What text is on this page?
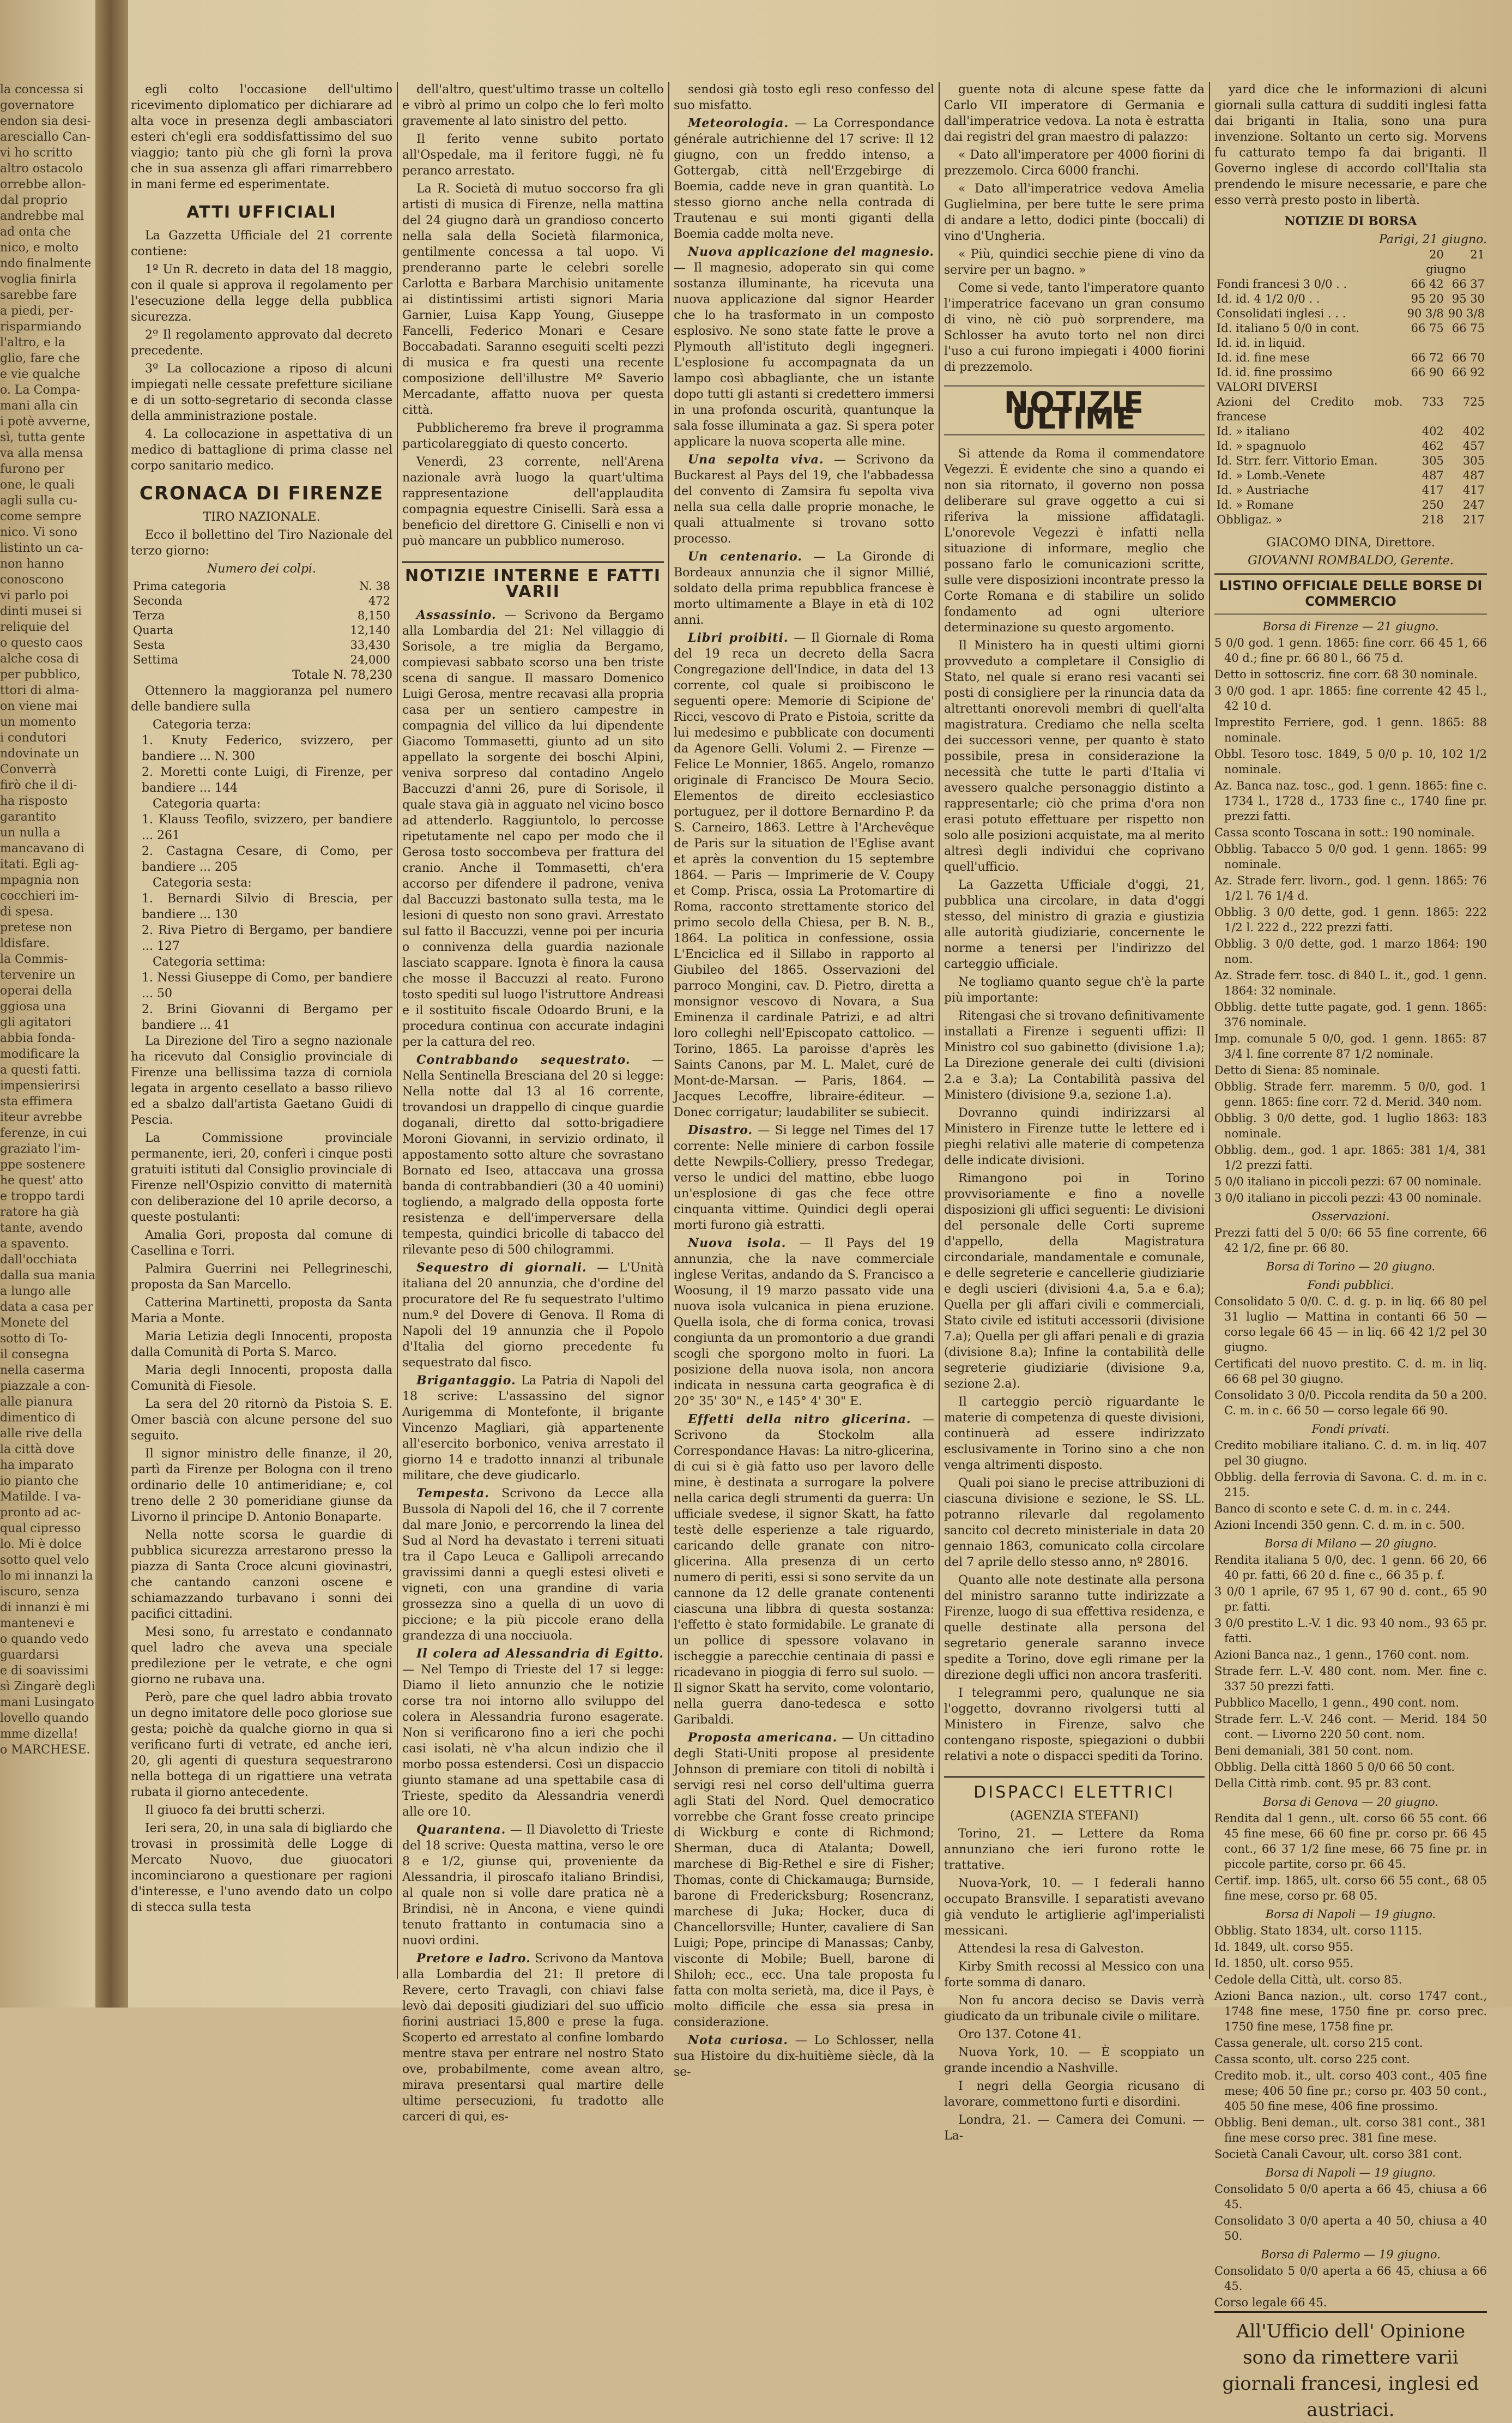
la concessa si
governatore
endon sia desi-
aresciallo Can-
vi ho scritto
altro ostacolo
orrebbe allon-
dal proprio
andrebbe mal
ad onta che
nico, e molto
ndo finalmente
voglia finirla
sarebbe fare
a piedi, per-
risparmiando
l'altro, e la
glio, fare che
e vie qualche
o. La Compa-
mani alla cin
i potè avverne,
sì, tutta gente
va alla mensa
furono per
one, le quali
agli sulla cu-
come sempre
nico. Vi sono
listinto un ca-
non hanno
conoscono
vi parlo poi
dinti musei si
reliquie del
o questo caos
alche cosa di
per pubblico,
ttori di alma-
on viene mai
un momento
i condutori
ndovinate un
Converrà
firò che il di-
ha risposto
garantito
un nulla a
mancavano di
itati. Egli ag-
mpagnia non
cocchieri im-
di spesa.
pretese non
ldisfare.
la Commis-
tervenire un
operai della
ggiosa una
gli agitatori
abbia fonda-
modificare la
a questi fatti.
impensierirsi
sta effimera
iteur avrebbe
ferenze, in cui
graziato l'im-
ppe sostenere
he quest' atto
e troppo tardi
ratore ha già
tante, avendo
a spavento.
dall'occhiata
dalla sua mania
a lungo alle
data a casa per
Monete del
sotto di To-
il consegna
nella caserma
piazzale a con-
alle pianura
dimentico di
alle rive della
la città dove
ha imparato
io pianto che
Matilde. I va-
pronto ad ac-
qual cipresso
lo. Mi è dolce
sotto quel velo
lo mi innanzi la
iscuro, senza
di innanzi è mi
mantenevi e
o quando vedo
guardarsi
e di soavissimi
sì Zingarè degli
mani Lusingato
lovello quando
mme dizella!
o MARCHESE.

egli colto l'occasione dell'ultimo ricevimento diplomatico per dichiarare ad alta voce in presenza degli ambasciatori esteri ch'egli era soddisfattissimo del suo viaggio; tanto più che gli fornì la prova che in sua assenza gli affari rimarrebbero in mani ferme ed esperimentate.

ATTI UFFICIALI

La Gazzetta Ufficiale del 21 corrente contiene:

1º Un R. decreto in data del 18 maggio, con il quale si approva il regolamento per l'esecuzione della legge della pubblica sicurezza.

2º Il regolamento approvato dal decreto precedente.

3º La collocazione a riposo di alcuni impiegati nelle cessate prefetture siciliane e di un sotto-segretario di seconda classe della amministrazione postale.

4. La collocazione in aspettativa di un medico di battaglione di prima classe nel corpo sanitario medico.

CRONACA DI FIRENZE
TIRO NAZIONALE.

Ecco il bollettino del Tiro Nazionale del terzo giorno:

Numero dei colpi.
Prima categoria	N. 38
Seconda	472
Terza	8,150
Quarta	12,140
Sesta	33,430
Settima	24,000
Totale N. 78,230

Ottennero la maggioranza pel numero delle bandiere sulla

Categoria terza:
1. Knuty Federico, svizzero, per bandiere ... N. 300
2. Moretti conte Luigi, di Firenze, per bandiere ... 144
Categoria quarta:
1. Klauss Teofilo, svizzero, per bandiere ... 261
2. Castagna Cesare, di Como, per bandiere ... 205
Categoria sesta:
1. Bernardi Silvio di Brescia, per bandiere ... 130
2. Riva Pietro di Bergamo, per bandiere ... 127
Categoria settima:
1. Nessi Giuseppe di Como, per bandiere ... 50
2. Brini Giovanni di Bergamo per bandiere ... 41

La Direzione del Tiro a segno nazionale ha ricevuto dal Consiglio provinciale di Firenze una bellissima tazza di corniola legata in argento cesellato a basso rilievo ed a sbalzo dall'artista Gaetano Guidi di Pescia.

La Commissione provinciale permanente, ieri, 20, conferì i cinque posti gratuiti istituti dal Consiglio provinciale di Firenze nell'Ospizio convitto di maternità con deliberazione del 10 aprile decorso, a queste postulanti:

Amalia Gori, proposta dal comune di Casellina e Torri.

Palmira Guerrini nei Pellegrineschi, proposta da San Marcello.

Catterina Martinetti, proposta da Santa Maria a Monte.

Maria Letizia degli Innocenti, proposta dalla Comunità di Porta S. Marco.

Maria degli Innocenti, proposta dalla Comunità di Fiesole.

La sera del 20 ritornò da Pistoia S. E. Omer bascià con alcune persone del suo seguito.

Il signor ministro delle finanze, il 20, partì da Firenze per Bologna con il treno ordinario delle 10 antimeridiane; e, col treno delle 2 30 pomeridiane giunse da Livorno il principe D. Antonio Bonaparte.

Nella notte scorsa le guardie di pubblica sicurezza arrestarono presso la piazza di Santa Croce alcuni giovinastri, che cantando canzoni oscene e schiamazzando turbavano i sonni dei pacifici cittadini.

Mesi sono, fu arrestato e condannato quel ladro che aveva una speciale predilezione per le vetrate, e che ogni giorno ne rubava una.

Però, pare che quel ladro abbia trovato un degno imitatore delle poco gloriose sue gesta; poichè da qualche giorno in qua si verificano furti di vetrate, ed anche ieri, 20, gli agenti di questura sequestrarono nella bottega di un rigattiere una vetrata rubata il giorno antecedente.

Il giuoco fa dei brutti scherzi.

Ieri sera, 20, in una sala di bigliardo che trovasi in prossimità delle Logge di Mercato Nuovo, due giuocatori incominciarono a questionare per ragioni d'interesse, e l'uno avendo dato un colpo di stecca sulla testa

dell'altro, quest'ultimo trasse un coltello e vibrò al primo un colpo che lo ferì molto gravemente al lato sinistro del petto.

Il ferito venne subito portato all'Ospedale, ma il feritore fuggì, nè fu peranco arrestato.

La R. Società di mutuo soccorso fra gli artisti di musica di Firenze, nella mattina del 24 giugno darà un grandioso concerto nella sala della Società filarmonica, gentilmente concessa a tal uopo. Vi prenderanno parte le celebri sorelle Carlotta e Barbara Marchisio unitamente ai distintissimi artisti signori Maria Garnier, Luisa Kapp Young, Giuseppe Fancelli, Federico Monari e Cesare Boccabadati. Saranno eseguiti scelti pezzi di musica e fra questi una recente composizione dell'illustre Mº Saverio Mercadante, affatto nuova per questa città.

Pubblicheremo fra breve il programma particolareggiato di questo concerto.

Venerdì, 23 corrente, nell'Arena nazionale avrà luogo la quart'ultima rappresentazione dell'applaudita compagnia equestre Ciniselli. Sarà essa a beneficio del direttore G. Ciniselli e non vi può mancare un pubblico numeroso.

NOTIZIE INTERNE E FATTI VARII

Assassinio. — Scrivono da Bergamo alla Lombardia del 21: Nel villaggio di Sorisole, a tre miglia da Bergamo, compievasi sabbato scorso una ben triste scena di sangue. Il massaro Domenico Luigi Gerosa, mentre recavasi alla propria casa per un sentiero campestre in compagnia del villico da lui dipendente Giacomo Tommasetti, giunto ad un sito appellato la sorgente dei boschi Alpini, veniva sorpreso dal contadino Angelo Baccuzzi d'anni 26, pure di Sorisole, il quale stava già in agguato nel vicino bosco ad attenderlo. Raggiuntolo, lo percosse ripetutamente nel capo per modo che il Gerosa tosto soccombeva per frattura del cranio. Anche il Tommasetti, ch'era accorso per difendere il padrone, veniva dal Baccuzzi bastonato sulla testa, ma le lesioni di questo non sono gravi. Arrestato sul fatto il Baccuzzi, venne poi per incuria o connivenza della guardia nazionale lasciato scappare. Ignota è finora la causa che mosse il Baccuzzi al reato. Furono tosto spediti sul luogo l'istruttore Andreasi e il sostituito fiscale Odoardo Bruni, e la procedura continua con accurate indagini per la cattura del reo.

Contrabbando sequestrato. — Nella Sentinella Bresciana del 20 si legge: Nella notte dal 13 al 16 corrente, trovandosi un drappello di cinque guardie doganali, diretto dal sotto-brigadiere Moroni Giovanni, in servizio ordinato, il appostamento sotto alture che sovrastano Bornato ed Iseo, attaccava una grossa banda di contrabbandieri (30 a 40 uomini) togliendo, a malgrado della opposta forte resistenza e dell'imperversare della tempesta, quindici bricolle di tabacco del rilevante peso di 500 chilogrammi.

Sequestro di giornali. — L'Unità italiana del 20 annunzia, che d'ordine del procuratore del Re fu sequestrato l'ultimo num.º del Dovere di Genova. Il Roma di Napoli del 19 annunzia che il Popolo d'Italia del giorno precedente fu sequestrato dal fisco.

Brigantaggio. La Patria di Napoli del 18 scrive: L'assassino del signor Aurigemma di Montefonte, il brigante Vincenzo Magliari, già appartenente all'esercito borbonico, veniva arrestato il giorno 14 e tradotto innanzi al tribunale militare, che deve giudicarlo.

Tempesta. Scrivono da Lecce alla Bussola di Napoli del 16, che il 7 corrente dal mare Jonio, e percorrendo la linea del Sud al Nord ha devastato i terreni situati tra il Capo Leuca e Gallipoli arrecando gravissimi danni a quegli estesi oliveti e vigneti, con una grandine di varia grossezza sino a quella di un uovo di piccione; e la più piccole erano della grandezza di una nocciuola.

Il colera ad Alessandria di Egitto. — Nel Tempo di Trieste del 17 si legge: Diamo il lieto annunzio che le notizie corse tra noi intorno allo sviluppo del colera in Alessandria furono esagerate. Non si verificarono fino a ieri che pochi casi isolati, nè v'ha alcun indizio che il morbo possa estendersi. Così un dispaccio giunto stamane ad una spettabile casa di Trieste, spedito da Alessandria venerdì alle ore 10.

Quarantena. — Il Diavoletto di Trieste del 18 scrive: Questa mattina, verso le ore 8 e 1/2, giunse qui, proveniente da Alessandria, il piroscafo italiano Brindisi, al quale non si volle dare pratica nè a Brindisi, nè in Ancona, e viene quindi tenuto frattanto in contumacia sino a nuovi ordini.

Pretore e ladro. Scrivono da Mantova alla Lombardia del 21: Il pretore di Revere, certo Travagli, con chiavi false levò dai depositi giudiziari del suo ufficio fiorini austriaci 15,800 e prese la fuga. Scoperto ed arrestato al confine lombardo mentre stava per entrare nel nostro Stato ove, probabilmente, come avean altro, mirava presentarsi qual martire delle ultime persecuzioni, fu tradotto alle carceri di qui, es-

sendosi già tosto egli reso confesso del suo misfatto.

Meteorologia. — La Correspondance générale autrichienne del 17 scrive: Il 12 giugno, con un freddo intenso, a Gottergab, città nell'Erzgebirge di Boemia, cadde neve in gran quantità. Lo stesso giorno anche nella contrada di Trautenau e sui monti giganti della Boemia cadde molta neve.

Nuova applicazione del magnesio. — Il magnesio, adoperato sin qui come sostanza illuminante, ha ricevuta una nuova applicazione dal signor Hearder che lo ha trasformato in un composto esplosivo. Ne sono state fatte le prove a Plymouth all'istituto degli ingegneri. L'esplosione fu accompagnata da un lampo così abbagliante, che un istante dopo tutti gli astanti si credettero immersi in una profonda oscurità, quantunque la sala fosse illuminata a gaz. Si spera poter applicare la nuova scoperta alle mine.

Una sepolta viva. — Scrivono da Buckarest al Pays del 19, che l'abbadessa del convento di Zamsira fu sepolta viva nella sua cella dalle proprie monache, le quali attualmente si trovano sotto processo.

Un centenario. — La Gironde di Bordeaux annunzia che il signor Millié, soldato della prima repubblica francese è morto ultimamente a Blaye in età di 102 anni.

Libri proibiti. — Il Giornale di Roma del 19 reca un decreto della Sacra Congregazione dell'Indice, in data del 13 corrente, col quale si proibiscono le seguenti opere: Memorie di Scipione de' Ricci, vescovo di Prato e Pistoia, scritte da lui medesimo e pubblicate con documenti da Agenore Gelli. Volumi 2. — Firenze — Felice Le Monnier, 1865. Angelo, romanzo originale di Francisco De Moura Secio. Elementos de direito ecclesiastico portuguez, per il dottore Bernardino P. da S. Carneiro, 1863. Lettre à l'Archevêque de Paris sur la situation de l'Eglise avant et après la convention du 15 septembre 1864. — Paris — Imprimerie de V. Coupy et Comp. Prisca, ossia La Protomartire di Roma, racconto strettamente storico del primo secolo della Chiesa, per B. N. B., 1864. La politica in confessione, ossia L'Enciclica ed il Sillabo in rapporto al Giubileo del 1865. Osservazioni del parroco Mongini, cav. D. Pietro, diretta a monsignor vescovo di Novara, a Sua Eminenza il cardinale Patrizi, e ad altri loro colleghi nell'Episcopato cattolico. — Torino, 1865. La paroisse d'après les Saints Canons, par M. L. Malet, curé de Mont-de-Marsan. — Paris, 1864. — Jacques Lecoffre, libraire-éditeur. — Donec corrigatur; laudabiliter se subiecit.

Disastro. — Si legge nel Times del 17 corrente: Nelle miniere di carbon fossile dette Newpils-Colliery, presso Tredegar, verso le undici del mattino, ebbe luogo un'esplosione di gas che fece ottre cinquanta vittime. Quindici degli operai morti furono già estratti.

Nuova isola. — Il Pays del 19 annunzia, che la nave commerciale inglese Veritas, andando da S. Francisco a Woosung, il 19 marzo passato vide una nuova isola vulcanica in piena eruzione. Quella isola, che di forma conica, trovasi congiunta da un promontorio a due grandi scogli che sporgono molto in fuori. La posizione della nuova isola, non ancora indicata in nessuna carta geografica è di 20° 35' 30" N., e 145° 4' 30" E.

Effetti della nitro glicerina. — Scrivono da Stockolm alla Correspondance Havas: La nitro-glicerina, di cui si è già fatto uso per lavoro delle mine, è destinata a surrogare la polvere nella carica degli strumenti da guerra: Un ufficiale svedese, il signor Skatt, ha fatto testè delle esperienze a tale riguardo, caricando delle granate con nitro-glicerina. Alla presenza di un certo numero di periti, essi si sono servite da un cannone da 12 delle granate contenenti ciascuna una libbra di questa sostanza: l'effetto è stato formidabile. Le granate di un pollice di spessore volavano in ischeggie a parecchie centinaia di passi e ricadevano in pioggia di ferro sul suolo. — Il signor Skatt ha servito, come volontario, nella guerra dano-tedesca e sotto Garibaldi.

Proposta americana. — Un cittadino degli Stati-Uniti propose al presidente Johnson di premiare con titoli di nobiltà i servigi resi nel corso dell'ultima guerra agli Stati del Nord. Quel democratico vorrebbe che Grant fosse creato principe di Wickburg e conte di Richmond; Sherman, duca di Atalanta; Dowell, marchese di Big-Rethel e sire di Fisher; Thomas, conte di Chickamauga; Burnside, barone di Fredericksburg; Rosencranz, marchese di Juka; Hocker, duca di Chancellorsville; Hunter, cavaliere di San Luigi; Pope, principe di Manassas; Canby, visconte di Mobile; Buell, barone di Shiloh; ecc., ecc. Una tale proposta fu fatta con molta serietà, ma, dice il Pays, è molto difficile che essa sia presa in considerazione.

Nota curiosa. — Lo Schlosser, nella sua Histoire du dix-huitième siècle, dà la se-

guente nota di alcune spese fatte da Carlo VII imperatore di Germania e dall'imperatrice vedova. La nota è estratta dai registri del gran maestro di palazzo:

« Dato all'imperatore per 4000 fiorini di prezzemolo. Circa 6000 franchi.

« Dato all'imperatrice vedova Amelia Guglielmina, per bere tutte le sere prima di andare a letto, dodici pinte (boccali) di vino d'Ungheria.

« Più, quindici secchie piene di vino da servire per un bagno. »

Come si vede, tanto l'imperatore quanto l'imperatrice facevano un gran consumo di vino, nè ciò può sorprendere, ma Schlosser ha avuto torto nel non dirci l'uso a cui furono impiegati i 4000 fiorini di prezzemolo.

NOTIZIE ULTIME

Si attende da Roma il commendatore Vegezzi. È evidente che sino a quando ei non sia ritornato, il governo non possa deliberare sul grave oggetto a cui si riferiva la missione affidatagli. L'onorevole Vegezzi è infatti nella situazione di informare, meglio che possano farlo le comunicazioni scritte, sulle vere disposizioni incontrate presso la Corte Romana e di stabilire un solido fondamento ad ogni ulteriore determinazione su questo argomento.

Il Ministero ha in questi ultimi giorni provveduto a completare il Consiglio di Stato, nel quale si erano resi vacanti sei posti di consigliere per la rinuncia data da altrettanti onorevoli membri di quell'alta magistratura. Crediamo che nella scelta dei successori venne, per quanto è stato possibile, presa in considerazione la necessità che tutte le parti d'Italia vi avessero qualche personaggio distinto a rappresentarle; ciò che prima d'ora non erasi potuto effettuare per rispetto non solo alle posizioni acquistate, ma al merito altresì degli individui che coprivano quell'ufficio.

La Gazzetta Ufficiale d'oggi, 21, pubblica una circolare, in data d'oggi stesso, del ministro di grazia e giustizia alle autorità giudiziarie, concernente le norme a tenersi per l'indirizzo del carteggio ufficiale.

Ne togliamo quanto segue ch'è la parte più importante:

Ritengasi che si trovano definitivamente installati a Firenze i seguenti uffizi: Il Ministro col suo gabinetto (divisione 1.a); La Direzione generale dei culti (divisioni 2.a e 3.a); La Contabilità passiva del Ministero (divisione 9.a, sezione 1.a).

Dovranno quindi indirizzarsi al Ministero in Firenze tutte le lettere ed i pieghi relativi alle materie di competenza delle indicate divisioni.

Rimangono poi in Torino provvisoriamente e fino a novelle disposizioni gli uffici seguenti: Le divisioni del personale delle Corti supreme d'appello, della Magistratura circondariale, mandamentale e comunale, e delle segreterie e cancellerie giudiziarie e degli uscieri (divisioni 4.a, 5.a e 6.a); Quella per gli affari civili e commerciali, Stato civile ed istituti accessorii (divisione 7.a); Quella per gli affari penali e di grazia (divisione 8.a); Infine la contabilità delle segreterie giudiziarie (divisione 9.a, sezione 2.a).

Il carteggio perciò riguardante le materie di competenza di queste divisioni, continuerà ad essere indirizzato esclusivamente in Torino sino a che non venga altrimenti disposto.

Quali poi siano le precise attribuzioni di ciascuna divisione e sezione, le SS. LL. potranno rilevarle dal regolamento sancito col decreto ministeriale in data 20 gennaio 1863, comunicato colla circolare del 7 aprile dello stesso anno, nº 28016.

Quanto alle note destinate alla persona del ministro saranno tutte indirizzate a Firenze, luogo di sua effettiva residenza, e quelle destinate alla persona del segretario generale saranno invece spedite a Torino, dove egli rimane per la direzione degli uffici non ancora trasferiti.

I telegrammi pero, qualunque ne sia l'oggetto, dovranno rivolgersi tutti al Ministero in Firenze, salvo che contengano risposte, spiegazioni o dubbii relativi a note o dispacci spediti da Torino.

DISPACCI ELETTRICI
(AGENZIA STEFANI)

Torino, 21. — Lettere da Roma annunziano che ieri furono rotte le trattative.

Nuova-York, 10. — I federali hanno occupato Bransville. I separatisti avevano già venduto le artiglierie agl'imperialisti messicani.

Attendesi la resa di Galveston.

Kirby Smith recossi al Messico con una forte somma di danaro.

Non fu ancora deciso se Davis verrà giudicato da un tribunale civile o militare.

Oro 137. Cotone 41.

Nuova York, 10. — È scoppiato un grande incendio a Nashville.

I negri della Georgia ricusano di lavorare, commettono furti e disordini.

Londra, 21. — Camera dei Comuni. — La-

yard dice che le informazioni di alcuni giornali sulla cattura di sudditi inglesi fatta dai briganti in Italia, sono una pura invenzione. Soltanto un certo sig. Morvens fu catturato tempo fa dai briganti. Il Governo inglese di accordo coll'Italia sta prendendo le misure necessarie, e pare che esso verrà presto posto in libertà.

NOTIZIE DI BORSA
Parigi, 21 giugno.
	20	21
	giugno	
Fondi francesi 3 0/0 . .	66 42	66 37
Id. id. 4 1/2 0/0 . .	95 20	95 30
Consolidati inglesi . . .	90 3/8	90 3/8
Id. italiano 5 0/0 in cont.	66 75	66 75
Id. id. in liquid.		
Id. id. fine mese	66 72	66 70
Id. id. fine prossimo	66 90	66 92
VALORI DIVERSI		
Azioni del Credito mob. francese	733	725
Id. » italiano	402	402
Id. » spagnuolo	462	457
Id. Strr. ferr. Vittorio Eman.	305	305
Id. » Lomb.-Venete	487	487
Id. » Austriache	417	417
Id. » Romane	250	247
Obbligaz. »	218	217
GIACOMO DINA, Direttore.
GIOVANNI ROMBALDO, Gerente.
LISTINO OFFICIALE DELLE BORSE DI COMMERCIO
Borsa di Firenze — 21 giugno.
5 0/0 god. 1 genn. 1865: fine corr. 66 45 1, 66 40 d.; fine pr. 66 80 l., 66 75 d.
Detto in sottoscriz. fine corr. 68 30 nominale.
3 0/0 god. 1 apr. 1865: fine corrente 42 45 l., 42 10 d.
Imprestito Ferriere, god. 1 genn. 1865: 88 nominale.
Obbl. Tesoro tosc. 1849, 5 0/0 p. 10, 102 1/2 nominale.
Az. Banca naz. tosc., god. 1 genn. 1865: fine c. 1734 l., 1728 d., 1733 fine c., 1740 fine pr. prezzi fatti.
Cassa sconto Toscana in sott.: 190 nominale.
Obblig. Tabacco 5 0/0 god. 1 genn. 1865: 99 nominale.
Az. Strade ferr. livorn., god. 1 genn. 1865: 76 1/2 l. 76 1/4 d.
Obblig. 3 0/0 dette, god. 1 genn. 1865: 222 1/2 l. 222 d., 222 prezzi fatti.
Obblig. 3 0/0 dette, god. 1 marzo 1864: 190 nom.
Az. Strade ferr. tosc. di 840 L. it., god. 1 genn. 1864: 32 nominale.
Obblig. dette tutte pagate, god. 1 genn. 1865: 376 nominale.
Imp. comunale 5 0/0, god. 1 genn. 1865: 87 3/4 l. fine corrente 87 1/2 nominale.
Detto di Siena: 85 nominale.
Obblig. Strade ferr. maremm. 5 0/0, god. 1 genn. 1865: fine corr. 72 d. Merid. 340 nom.
Obblig. 3 0/0 dette, god. 1 luglio 1863: 183 nominale.
Obblig. dem., god. 1 apr. 1865: 381 1/4, 381 1/2 prezzi fatti.
5 0/0 italiano in piccoli pezzi: 67 00 nominale.
3 0/0 italiano in piccoli pezzi: 43 00 nominale.
Osservazioni.
Prezzi fatti del 5 0/0: 66 55 fine corrente, 66 42 1/2, fine pr. 66 80.
Borsa di Torino — 20 giugno.
Fondi pubblici.
Consolidato 5 0/0. C. d. g. p. in liq. 66 80 pel 31 luglio — Mattina in contanti 66 50 — corso legale 66 45 — in liq. 66 42 1/2 pel 30 giugno.
Certificati del nuovo prestito. C. d. m. in liq. 66 68 pel 30 giugno.
Consolidato 3 0/0. Piccola rendita da 50 a 200. C. m. in c. 66 50 — corso legale 66 90.
Fondi privati.
Credito mobiliare italiano. C. d. m. in liq. 407 pel 30 giugno.
Obblig. della ferrovia di Savona. C. d. m. in c. 215.
Banco di sconto e sete C. d. m. in c. 244.
Azioni Incendi 350 genn. C. d. m. in c. 500.
Borsa di Milano — 20 giugno.
Rendita italiana 5 0/0, dec. 1 genn. 66 20, 66 40 pr. fatti, 66 20 d. fine c., 66 35 p. f.
3 0/0 1 aprile, 67 95 1, 67 90 d. cont., 65 90 pr. fatti.
3 0/0 prestito L.-V. 1 dic. 93 40 nom., 93 65 pr. fatti.
Azioni Banca naz., 1 genn., 1760 cont. nom.
Strade ferr. L.-V. 480 cont. nom. Mer. fine c. 337 50 prezzi fatti.
Pubblico Macello, 1 genn., 490 cont. nom.
Strade ferr. L.-V. 246 cont. — Merid. 184 50 cont. — Livorno 220 50 cont. nom.
Beni demaniali, 381 50 cont. nom.
Obblig. Della città 1860 5 0/0 66 50 cont.
Della Città rimb. cont. 95 pr. 83 cont.
Borsa di Genova — 20 giugno.
Rendita dal 1 genn., ult. corso 66 55 cont. 66 45 fine mese, 66 60 fine pr. corso pr. 66 45 cont., 66 37 1/2 fine mese, 66 75 fine pr. in piccole partite, corso pr. 66 45.
Certif. imp. 1865, ult. corso 66 55 cont., 68 05 fine mese, corso pr. 68 05.
Borsa di Napoli — 19 giugno.
Obblig. Stato 1834, ult. corso 1115.
Id. 1849, ult. corso 955.
Id. 1850, ult. corso 955.
Cedole della Città, ult. corso 85.
Azioni Banca nazion., ult. corso 1747 cont., 1748 fine mese, 1750 fine pr. corso prec. 1750 fine mese, 1758 fine pr.
Cassa generale, ult. corso 215 cont.
Cassa sconto, ult. corso 225 cont.
Credito mob. it., ult. corso 403 cont., 405 fine mese; 406 50 fine pr.; corso pr. 403 50 cont., 405 50 fine mese, 406 fine prossimo.
Obblig. Beni deman., ult. corso 381 cont., 381 fine mese corso prec. 381 fine mese.
Società Canali Cavour, ult. corso 381 cont.
Borsa di Napoli — 19 giugno.
Consolidato 5 0/0 aperta a 66 45, chiusa a 66 45.
Consolidato 3 0/0 aperta a 40 50, chiusa a 40 50.
Borsa di Palermo — 19 giugno.
Consolidato 5 0/0 aperta a 66 45, chiusa a 66 45.
Corso legale 66 45.
All'Ufficio dell' Opinione sono da rimettere varii giornali francesi, inglesi ed austriaci.
